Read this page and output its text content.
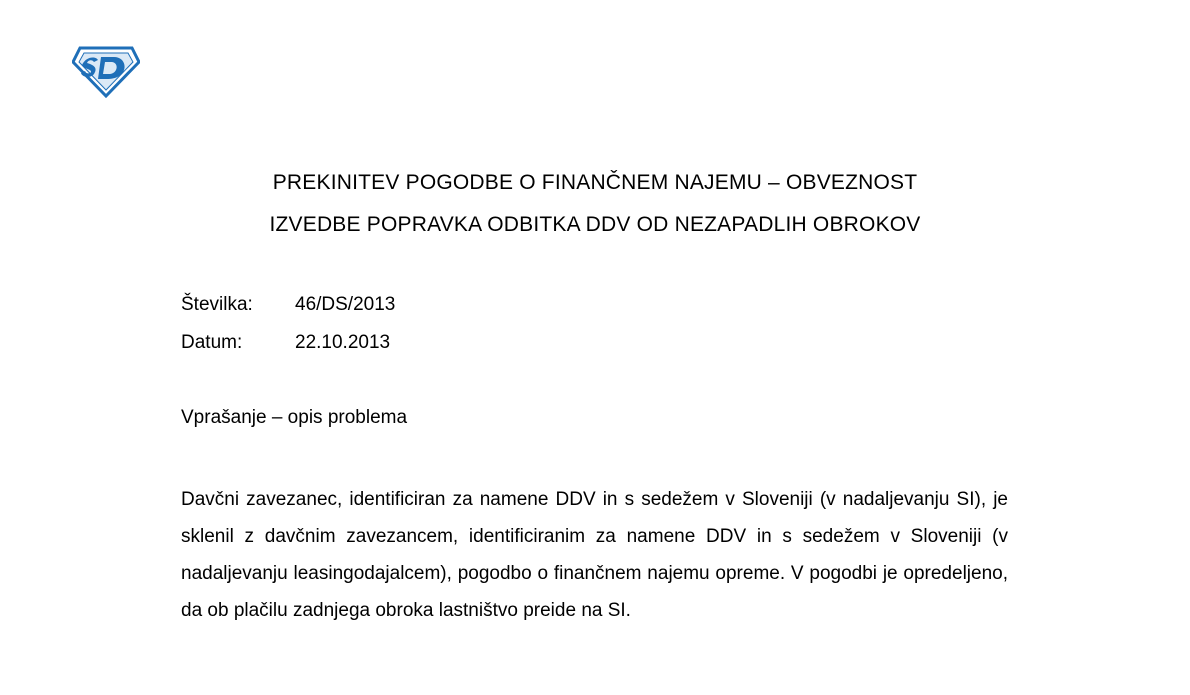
PREKINITEV POGODBE O FINANČNEM NAJEMU – OBVEZNOST
IZVEDBE POPRAVKA ODBITKA DDV OD NEZAPADLIH OBROKOV
Številka: 46/DS/2013
Datum:	22.10.2013
Vprašanje – opis problema

Davčni zavezanec, identificiran za namene DDV in s sedežem v Sloveniji (v nadaljevanju SI), je sklenil z davčnim zavezancem, identificiranim za namene DDV in s sedežem v Sloveniji (v nadaljevanju leasingodajalcem), pogodbo o finančnem najemu opreme. V pogodbi je opredeljeno, da ob plačilu zadnjega obroka lastništvo preide na SI.
